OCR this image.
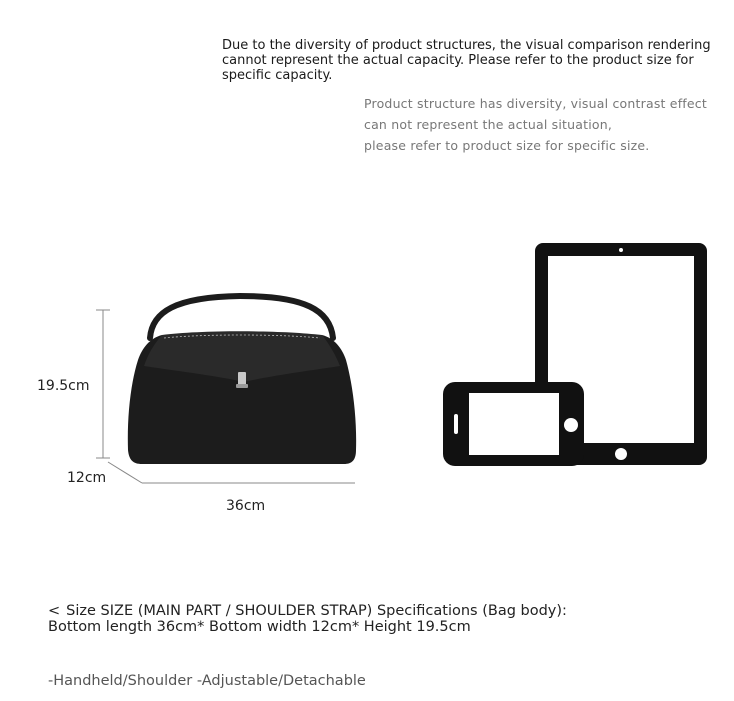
Due to the diversity of product structures, the visual comparison rendering
cannot represent the actual capacity. Please refer to the product size for
specific capacity.
Product structure has diversity, visual contrast effect
can not represent the actual situation,
please refer to product size for specific size.
19.5cm
12cm
36cm
< Size SIZE (MAIN PART / SHOULDER STRAP) Specifications (Bag body):
Bottom length 36cm* Bottom width 12cm* Height 19.5cm
-Handheld/Shoulder -Adjustable/Detachable
